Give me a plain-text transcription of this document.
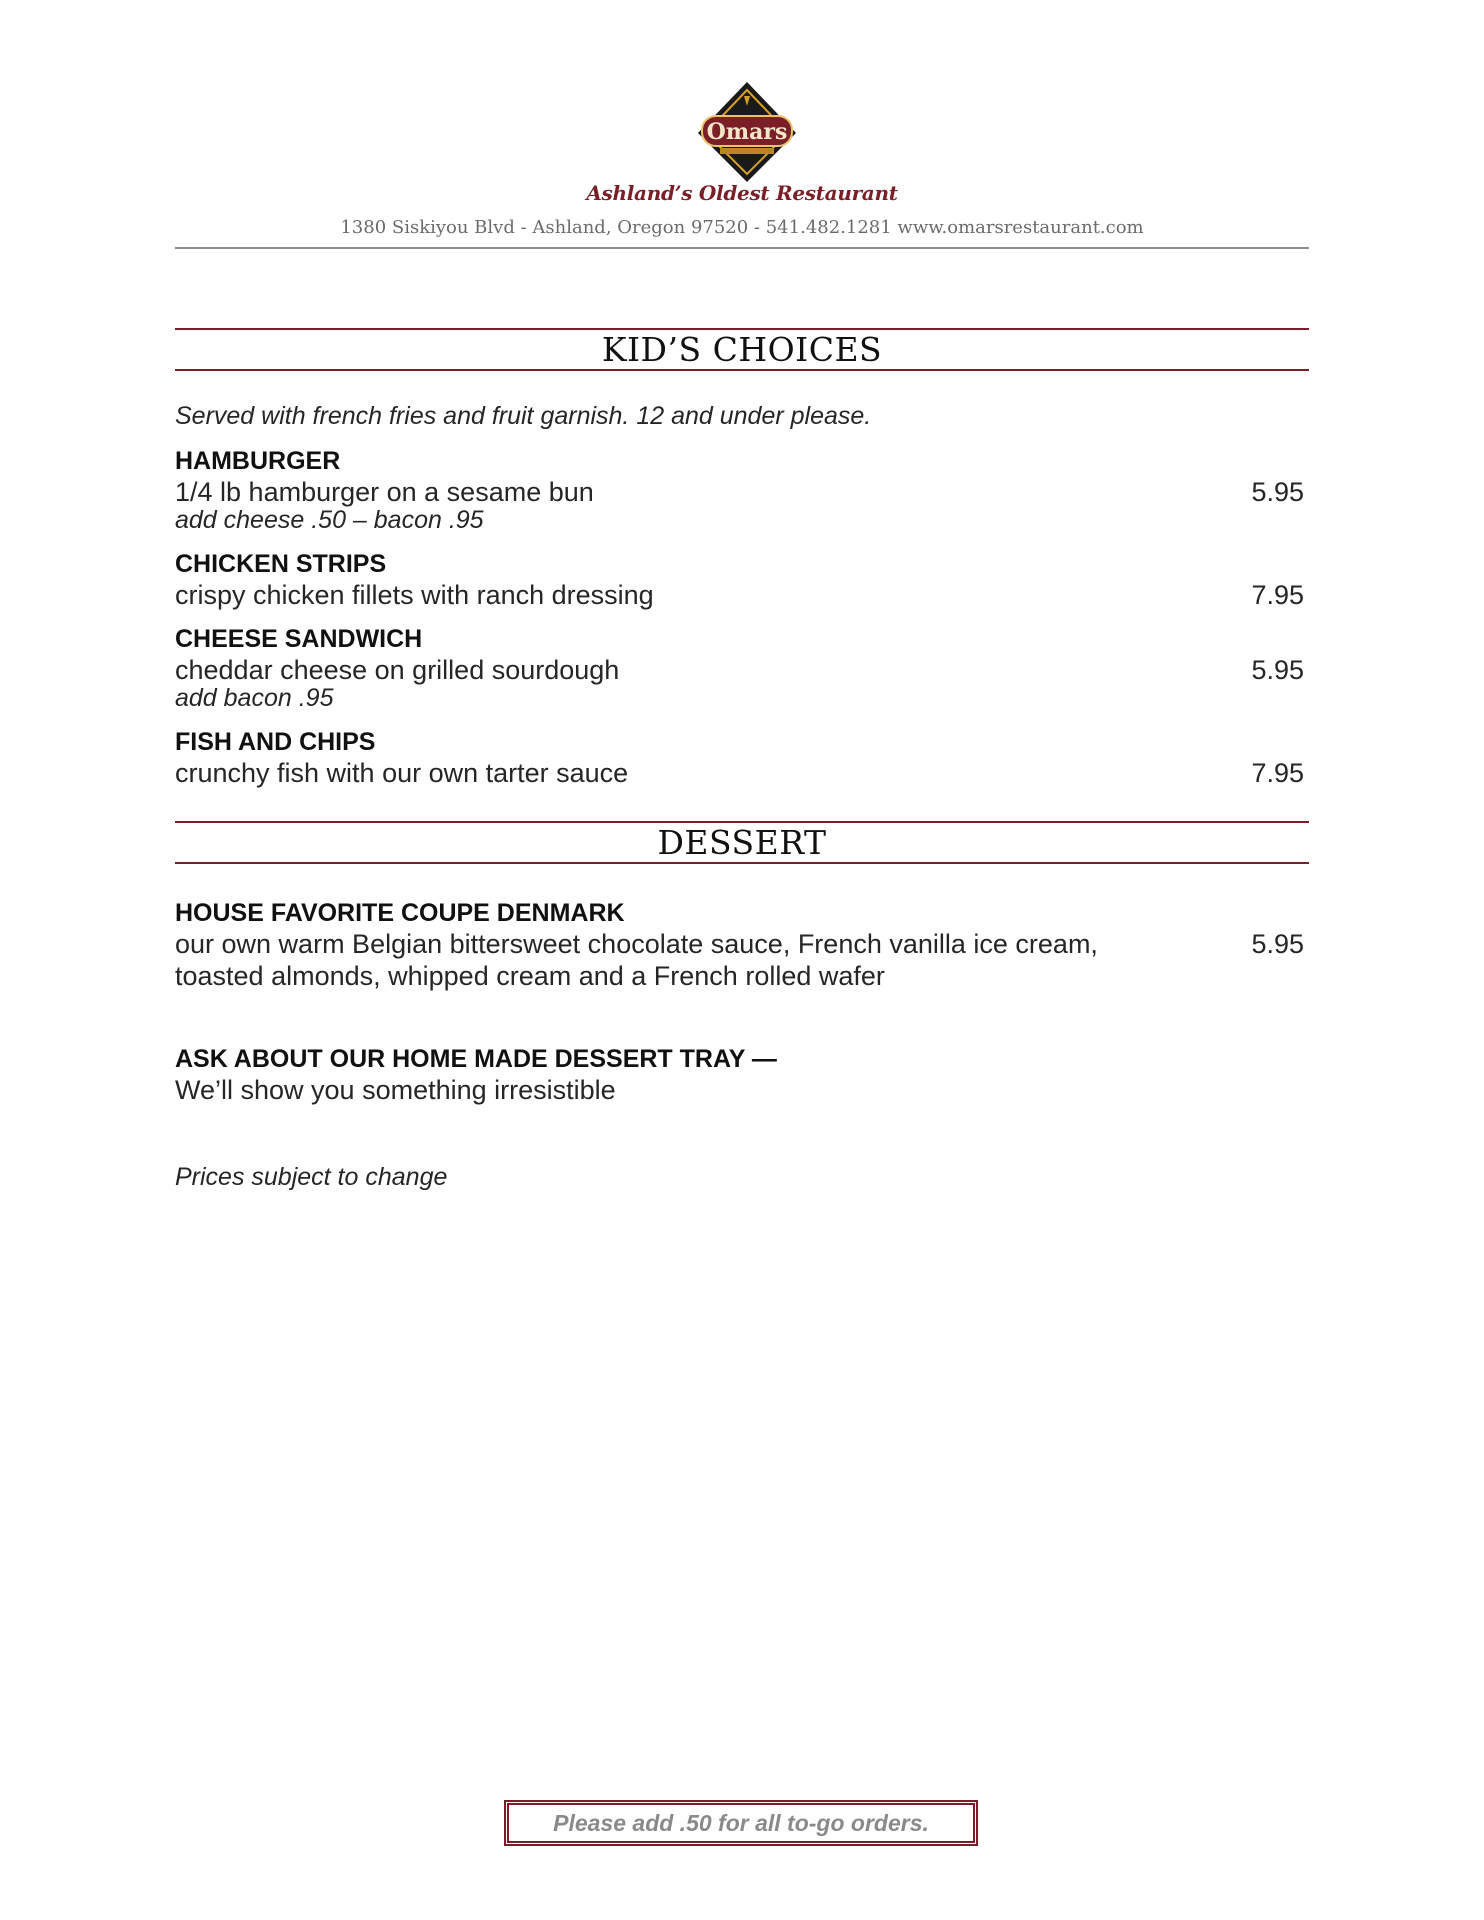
Omars
Ashland’s Oldest Restaurant
1380 Siskiyou Blvd - Ashland, Oregon 97520 - 541.482.1281 www.omarsrestaurant.com
KID’S CHOICES
Served with french fries and fruit garnish. 12 and under please.
HAMBURGER
1/4 lb hamburger on a sesame bun	5.95
add cheese .50 – bacon .95
CHICKEN STRIPS
crispy chicken fillets with ranch dressing	7.95
CHEESE SANDWICH
cheddar cheese on grilled sourdough	5.95
add bacon .95
FISH AND CHIPS
crunchy fish with our own tarter sauce	7.95
DESSERT
HOUSE FAVORITE COUPE DENMARK
our own warm Belgian bittersweet chocolate sauce, French vanilla ice cream,	5.95
toasted almonds, whipped cream and a French rolled wafer
ASK ABOUT OUR HOME MADE DESSERT TRAY —
We’ll show you something irresistible
Prices subject to change
Please add .50 for all to-go orders.
